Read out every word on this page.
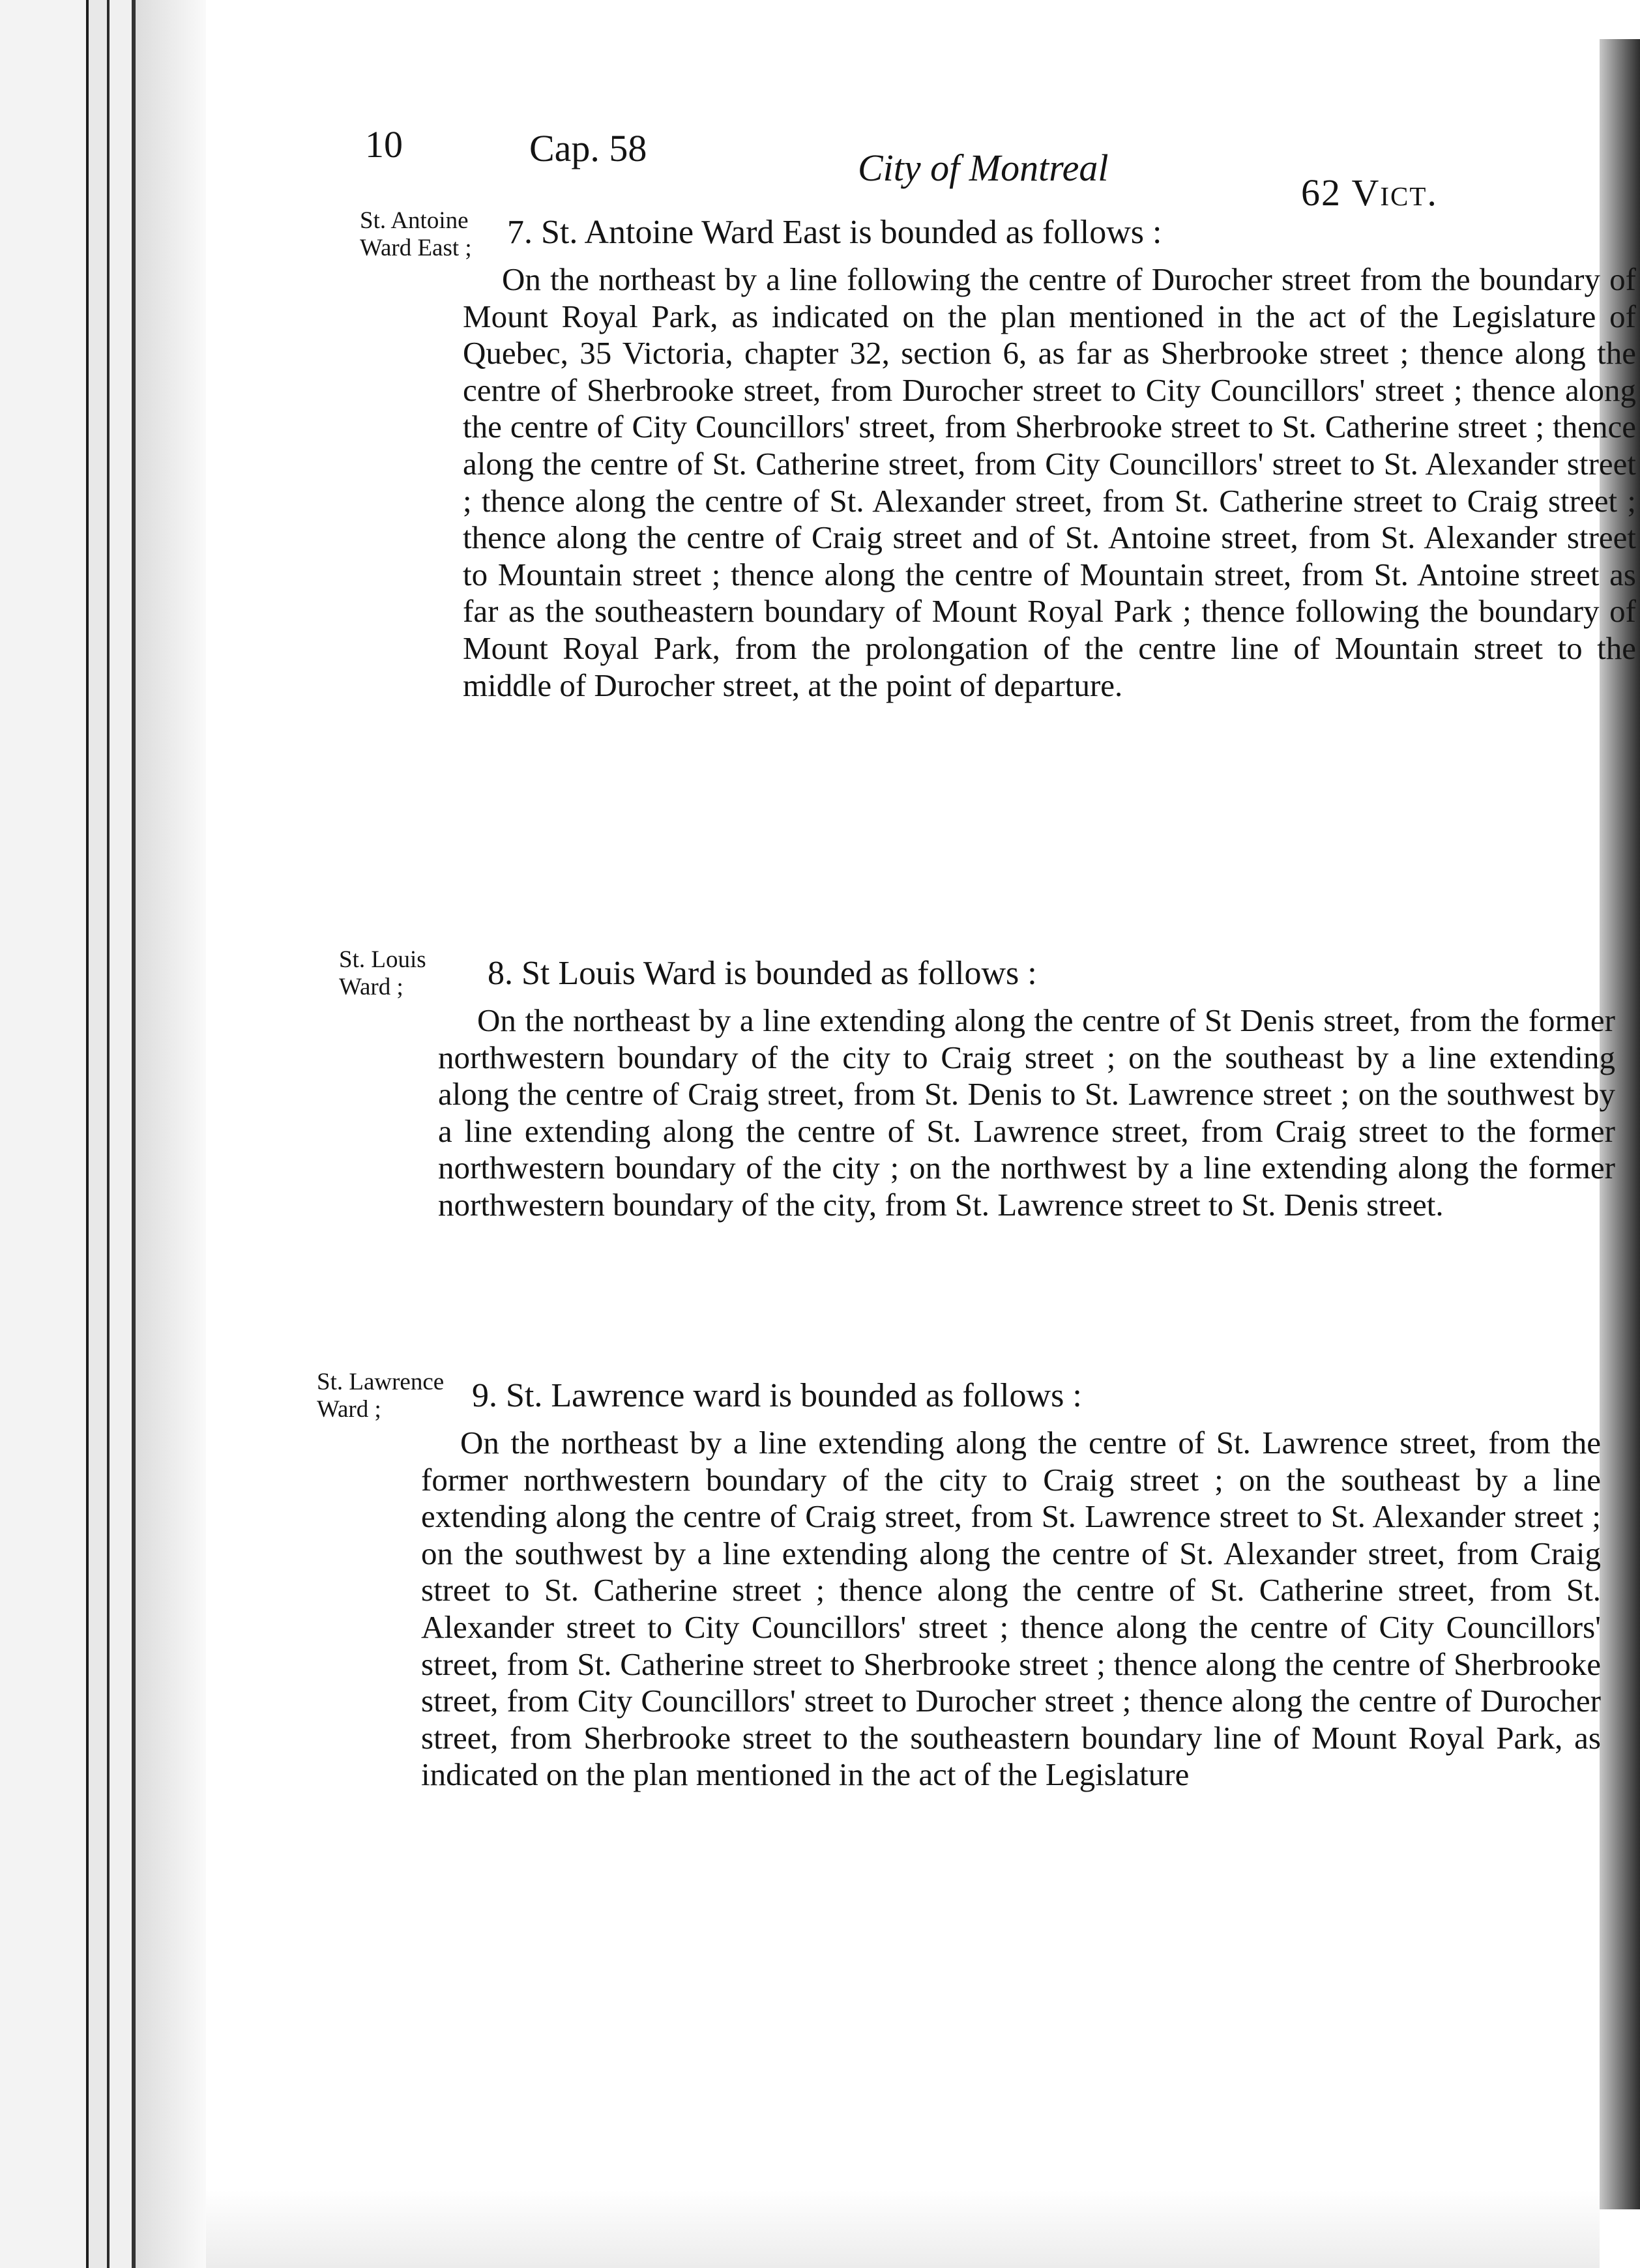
10	Cap. 58	City of Montreal
62 Vict.
St. Antoine
Ward East ; 7. St. Antoine Ward East is bounded as follows :
On the northeast by a line following the centre of Durocher street from the boundary of Mount Royal Park, as indicated on the plan mentioned in the act of the Legislature of Quebec, 35 Victoria, chapter 32, section 6, as far as Sherbrooke street ; thence along the centre of Sherbrooke street, from Durocher street to City Councillors' street ; thence along the centre of City Councillors' street, from Sherbrooke street to St. Catherine street ; thence along the centre of St. Catherine street, from City Councillors' street to St. Alexander street ; thence along the centre of St. Alexander street, from St. Catherine street to Craig street ; thence along the centre of Craig street and of St. Antoine street, from St. Alexander street to Mountain street ; thence along the centre of Mountain street, from St. Antoine street as far as the southeastern boundary of Mount Royal Park ; thence following the boundary of Mount Royal Park, from the prolongation of the centre line of Mountain street to the middle of Durocher street, at the point of departure.
St. Louis
Ward ;	8. St Louis Ward is bounded as follows :
On the northeast by a line extending along the centre of St Denis street, from the former northwestern boundary of the city to Craig street ; on the southeast by a line extending along the centre of Craig street, from St. Denis to St. Lawrence street ; on the southwest by a line extending along the centre of St. Lawrence street, from Craig street to the former northwestern boundary of the city ; on the northwest by a line extending along the former northwestern boundary of the city, from St. Lawrence street to St. Denis street.
St. Lawrence
Ward ;	9. St. Lawrence ward is bounded as follows :
On the northeast by a line extending along the centre of St. Lawrence street, from the former northwestern boundary of the city to Craig street ; on the southeast by a line extending along the centre of Craig street, from St. Lawrence street to St. Alexander street ; on the southwest by a line extending along the centre of St. Alexander street, from Craig street to St. Catherine street ; thence along the centre of St. Catherine street, from St. Alexander street to City Councillors' street ; thence along the centre of City Councillors' street, from St. Catherine street to Sherbrooke street ; thence along the centre of Sherbrooke street, from City Councillors' street to Durocher street ; thence along the centre of Durocher street, from Sherbrooke street to the southeastern boundary line of Mount Royal Park, as indicated on the plan mentioned in the act of the Legislature
